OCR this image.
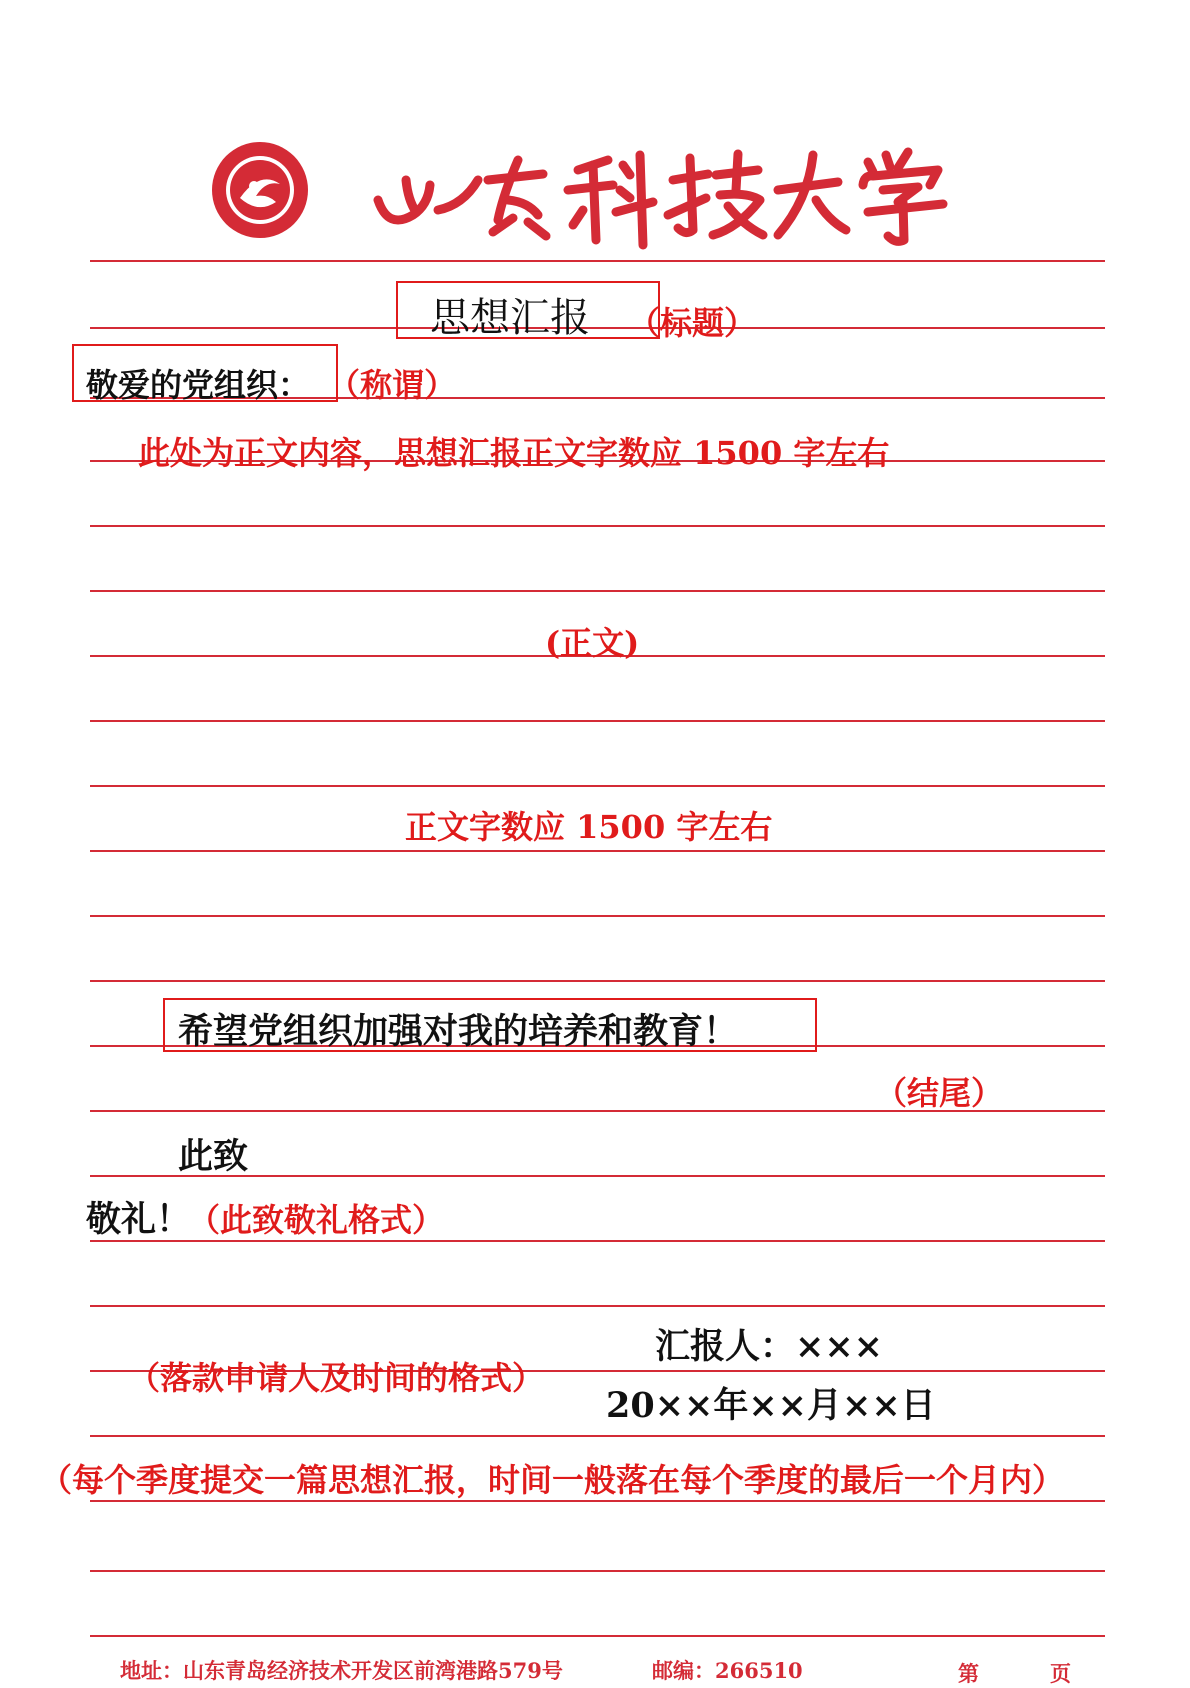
思想汇报 （标题）
敬爱的党组织： （称谓）
此处为正文内容，思想汇报正文字数应 1500 字左右
(正文)
正文字数应 1500 字左右
希望党组织加强对我的培养和教育！
（结尾）
此致
敬礼！
（此致敬礼格式）
汇报人：×××
（落款申请人及时间的格式）
20××年××月××日
（每个季度提交一篇思想汇报，时间一般落在每个季度的最后一个月内）
地址：山东青岛经济技术开发区前湾港路579号	邮编：266510	第	页
